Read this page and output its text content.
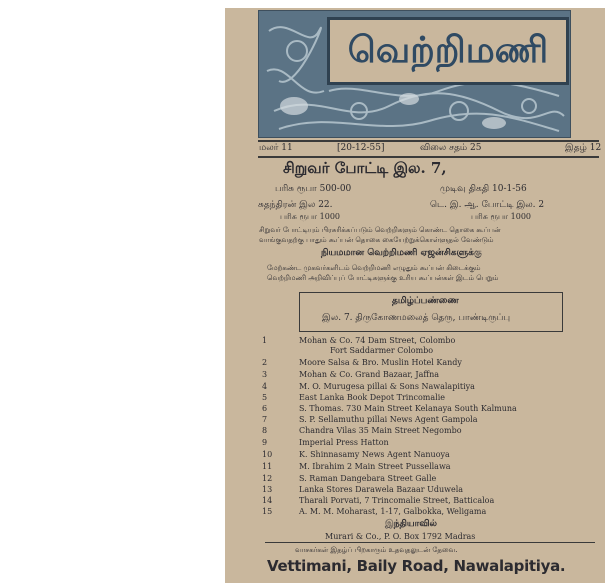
வெற்றிமணி
மலர் 11	[20-12-55]	விலை சதம் 25	இதழ் 12
சிறுவர் போட்டி இல. 7,
பரிசு ரூபா 500-00	முடிவு திகதி 10-1-56
சுதந்திரன் இல 22.	டெ. இ. ஆ. போட்டி இல. 2
பரிசு ரூபா 1000	பரிசு ரூபா 1000
சிறுவர் போட்டியும் பிரசுரிக்கப்படும் வெற்றிகளும் கொண்ட தொகை கூப்பன்
வாங்குவதற்கு பாதும் கூப்பன் தொகை கையேற்றுக்கொள்ளுதல் வேண்டும்
நியமமான வெற்றிமணி ஏஜன்சிகளுக்கு
மேற்கண்ட முகவர்களிடம் வெற்றிமணி எழுதும் கூப்பன் கிடைக்கும்
வெற்றிமணி அறிவிப்புப் போட்டிகளுக்கு உரிய கூப்பன்கள் இடம் பெறும்
தமிழ்ப்பண்ணை
இல. 7. திருகோணமலைத் தெரு, பாண்டிருப்பு
1	Mohan & Co. 74 Dam Street, Colombo
Fort Saddarmer Colombo
2	Moore Salsa & Bro. Muslin Hotel Kandy
3	Mohan & Co. Grand Bazaar, Jaffna
4	M. O. Murugesa pillai & Sons Nawalapitiya
5	East Lanka Book Depot Trincomalie
6	S. Thomas. 730 Main Street Kelanaya South Kalmuna
7	S. P. Sellamuthu pillai News Agent Gampola
8	Chandra Vilas 35 Main Street Negombo
9	Imperial Press Hatton
10	K. Shinnasamy News Agent Nanuoya
11	M. Ibrahim 2 Main Street Pussellawa
12	S. Raman Dangebara Street Galle
13	Lanka Stores Darawela Bazaar Uduwela
14	Tharali Porvati, 7 Trincomalie Street, Batticaloa
15	A. M. M. Moharast, 1-17, Galbokka, Weligama
இந்தியாவில்
Murari & Co., P. O. Box 1792 Madras
வாசகர்கள் இதழ்ப் பிறகாரும் உதவுதலுடன் தேவை.
Vettimani, Baily Road, Nawalapitiya.
